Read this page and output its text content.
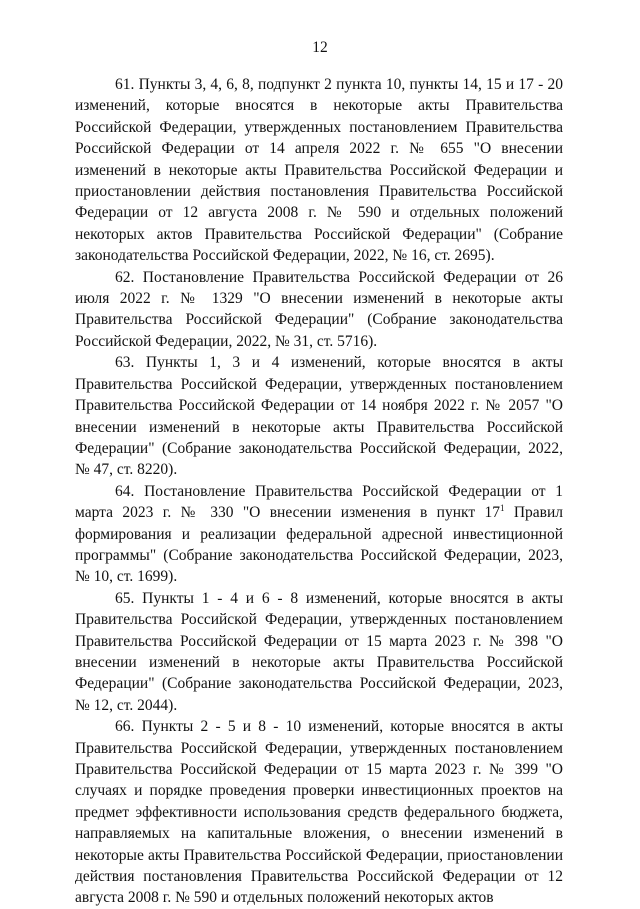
12

61. Пункты 3, 4, 6, 8, подпункт 2 пункта 10, пункты 14, 15 и 17 - 20 изменений, которые вносятся в некоторые акты Правительства Российской Федерации, утвержденных постановлением Правительства Российской Федерации от 14 апреля 2022 г. № 655 "О внесении изменений в некоторые акты Правительства Российской Федерации и приостановлении действия постановления Правительства Российской Федерации от 12 августа 2008 г. № 590 и отдельных положений некоторых актов Правительства Российской Федерации" (Собрание законодательства Российской Федерации, 2022, № 16, ст. 2695).

62. Постановление Правительства Российской Федерации от 26 июля 2022 г. № 1329 "О внесении изменений в некоторые акты Правительства Российской Федерации" (Собрание законодательства Российской Федерации, 2022, № 31, ст. 5716).

63. Пункты 1, 3 и 4 изменений, которые вносятся в акты Правительства Российской Федерации, утвержденных постановлением Правительства Российской Федерации от 14 ноября 2022 г. № 2057 "О внесении изменений в некоторые акты Правительства Российской Федерации" (Собрание законодательства Российской Федерации, 2022, № 47, ст. 8220).

64. Постановление Правительства Российской Федерации от 1 марта 2023 г. № 330 "О внесении изменения в пункт $17^1$ Правил формирования и реализации федеральной адресной инвестиционной программы" (Собрание законодательства Российской Федерации, 2023, № 10, ст. 1699).

65. Пункты 1 - 4 и 6 - 8 изменений, которые вносятся в акты Правительства Российской Федерации, утвержденных постановлением Правительства Российской Федерации от 15 марта 2023 г. № 398 "О внесении изменений в некоторые акты Правительства Российской Федерации" (Собрание законодательства Российской Федерации, 2023, № 12, ст. 2044).

66. Пункты 2 - 5 и 8 - 10 изменений, которые вносятся в акты Правительства Российской Федерации, утвержденных постановлением Правительства Российской Федерации от 15 марта 2023 г. № 399 "О случаях и порядке проведения проверки инвестиционных проектов на предмет эффективности использования средств федерального бюджета, направляемых на капитальные вложения, о внесении изменений в некоторые акты Правительства Российской Федерации, приостановлении действия постановления Правительства Российской Федерации от 12 августа 2008 г. № 590 и отдельных положений некоторых актов
